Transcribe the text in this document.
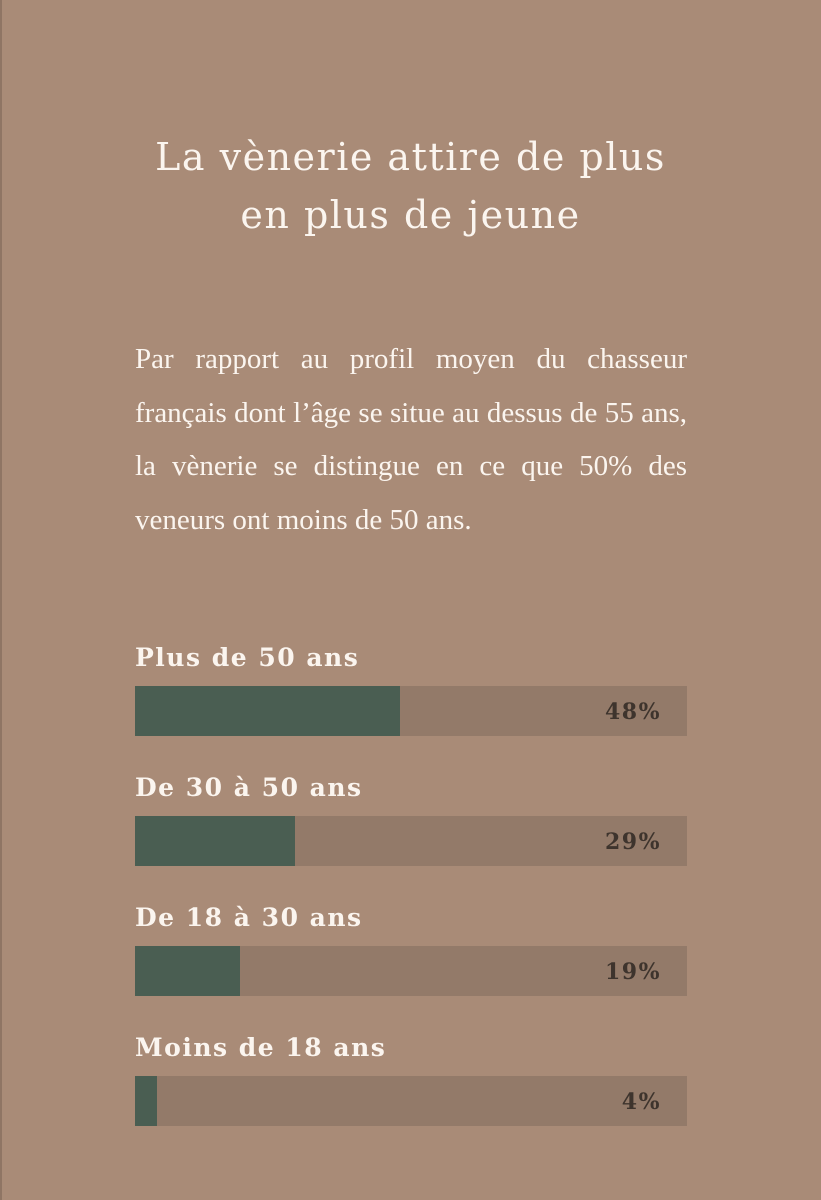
La vènerie attire de plus
en plus de jeune

Par rapport au profil moyen du chasseur français dont l’âge se situe au dessus de 55 ans, la vènerie se distingue en ce que 50% des veneurs ont moins de 50 ans.

Plus de 50 ans
48%
De 30 à 50 ans
29%
De 18 à 30 ans
19%
Moins de 18 ans
4%
